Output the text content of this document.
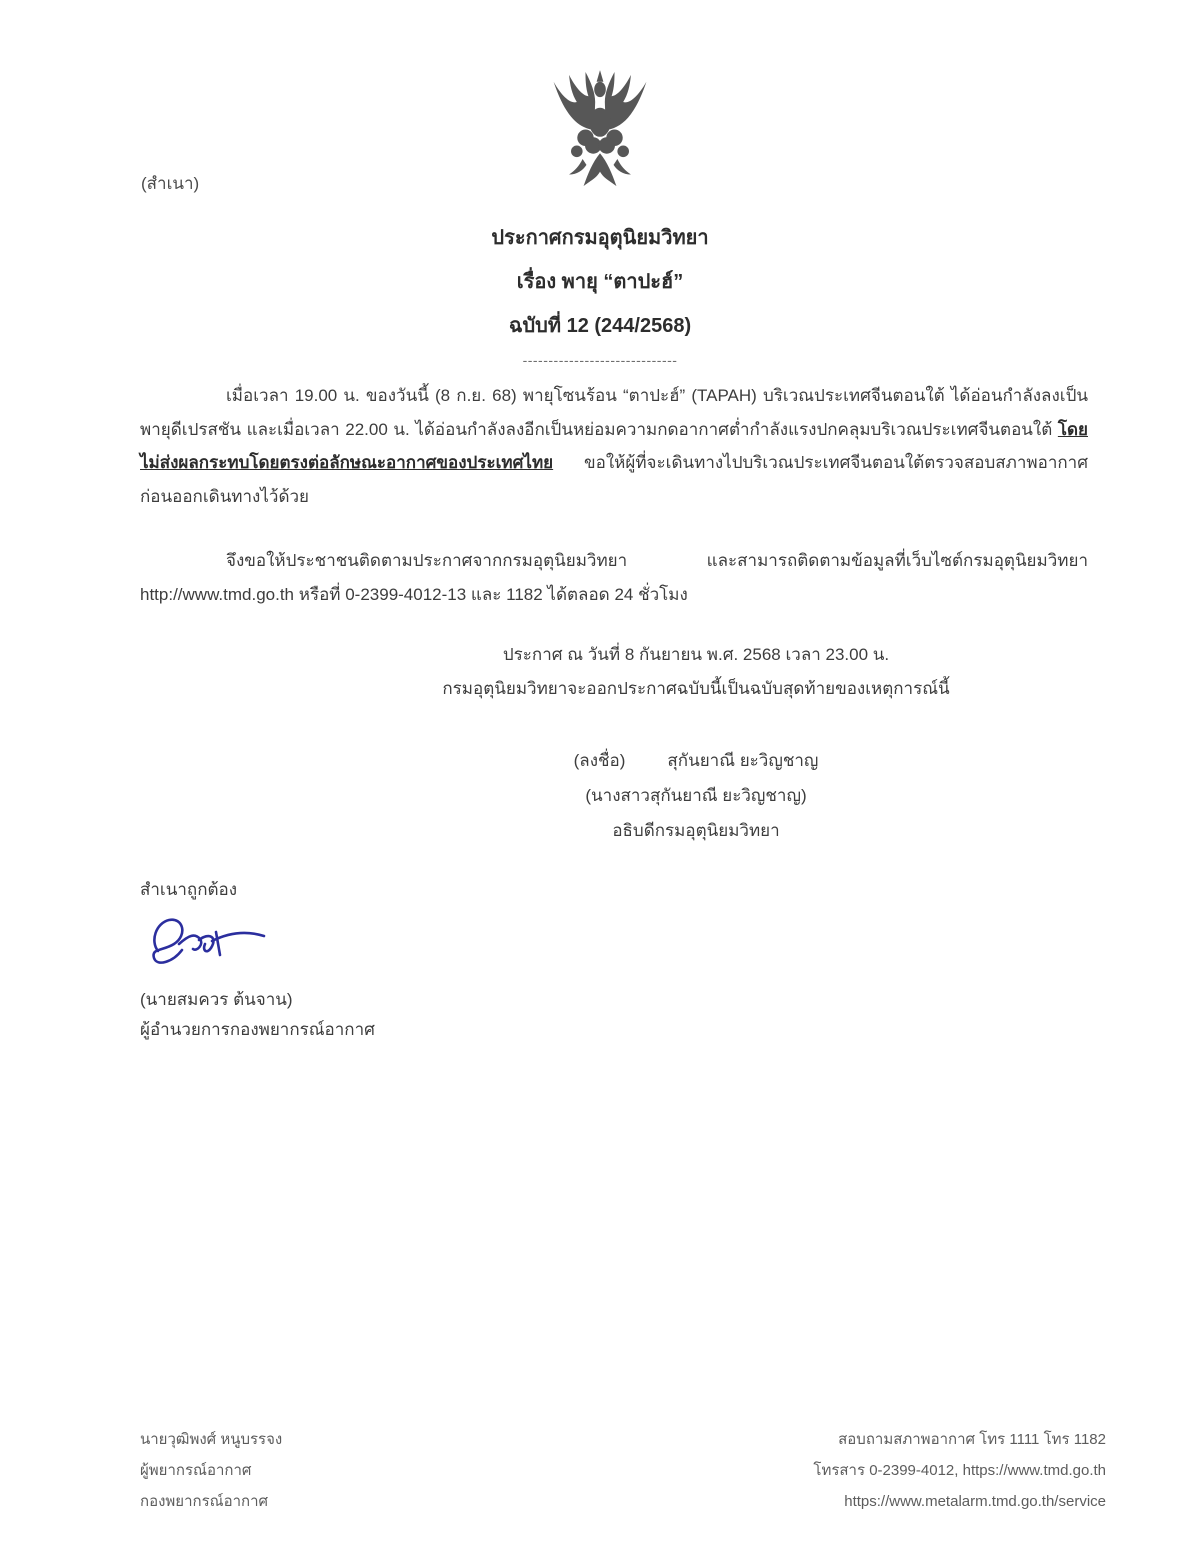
(สำเนา)
ประกาศกรมอุตุนิยมวิทยา
เรื่อง พายุ “ตาปะฮ์”
ฉบับที่ 12 (244/2568)
------------------------------

เมื่อเวลา 19.00 น. ของวันนี้ (8 ก.ย. 68) พายุโซนร้อน “ตาปะฮ์” (TAPAH) บริเวณประเทศจีนตอนใต้ ได้อ่อนกำลังลงเป็นพายุดีเปรสชัน และเมื่อเวลา 22.00 น. ได้อ่อนกำลังลงอีกเป็นหย่อมความกดอากาศต่ำกำลังแรงปกคลุมบริเวณประเทศจีนตอนใต้ โดยไม่ส่งผลกระทบโดยตรงต่อลักษณะอากาศของประเทศไทย ขอให้ผู้ที่จะเดินทางไปบริเวณประเทศจีนตอนใต้ตรวจสอบสภาพอากาศก่อนออกเดินทางไว้ด้วย

จึงขอให้ประชาชนติดตามประกาศจากกรมอุตุนิยมวิทยา และสามารถติดตามข้อมูลที่เว็บไซต์กรมอุตุนิยมวิทยา http://www.tmd.go.th หรือที่ 0-2399-4012-13 และ 1182 ได้ตลอด 24 ชั่วโมง

ประกาศ ณ วันที่ 8 กันยายน พ.ศ. 2568 เวลา 23.00 น.
กรมอุตุนิยมวิทยาจะออกประกาศฉบับนี้เป็นฉบับสุดท้ายของเหตุการณ์นี้
(ลงชื่อ) สุกันยาณี ยะวิญชาญ
(นางสาวสุกันยาณี ยะวิญชาญ)
อธิบดีกรมอุตุนิยมวิทยา
สำเนาถูกต้อง
(นายสมควร ต้นจาน)
ผู้อำนวยการกองพยากรณ์อากาศ
นายวุฒิพงศ์ หนูบรรจง
ผู้พยากรณ์อากาศ
กองพยากรณ์อากาศ
สอบถามสภาพอากาศ โทร 1111 โทร 1182
โทรสาร 0-2399-4012, https://www.tmd.go.th
https://www.metalarm.tmd.go.th/service
